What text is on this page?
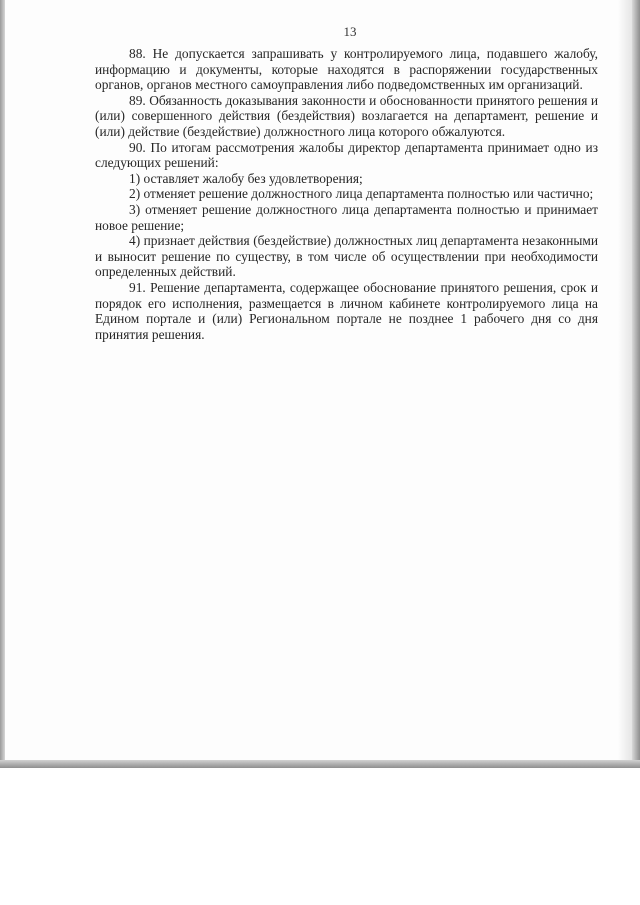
13

88. Не допускается запрашивать у контролируемого лица, подавшего жалобу, информацию и документы, которые находятся в распоряжении государственных органов, органов местного самоуправления либо подведомственных им организаций.

89. Обязанность доказывания законности и обоснованности принятого решения и (или) совершенного действия (бездействия) возлагается на департамент, решение и (или) действие (бездействие) должностного лица которого обжалуются.

90. По итогам рассмотрения жалобы директор департамента принимает одно из следующих решений:

1) оставляет жалобу без удовлетворения;

2) отменяет решение должностного лица департамента полностью или частично;

3) отменяет решение должностного лица департамента полностью и принимает новое решение;

4) признает действия (бездействие) должностных лиц департамента незаконными и выносит решение по существу, в том числе об осуществлении при необходимости определенных действий.

91. Решение департамента, содержащее обоснование принятого решения, срок и порядок его исполнения, размещается в личном кабинете контролируемого лица на Едином портале и (или) Региональном портале не позднее 1 рабочего дня со дня принятия решения.
